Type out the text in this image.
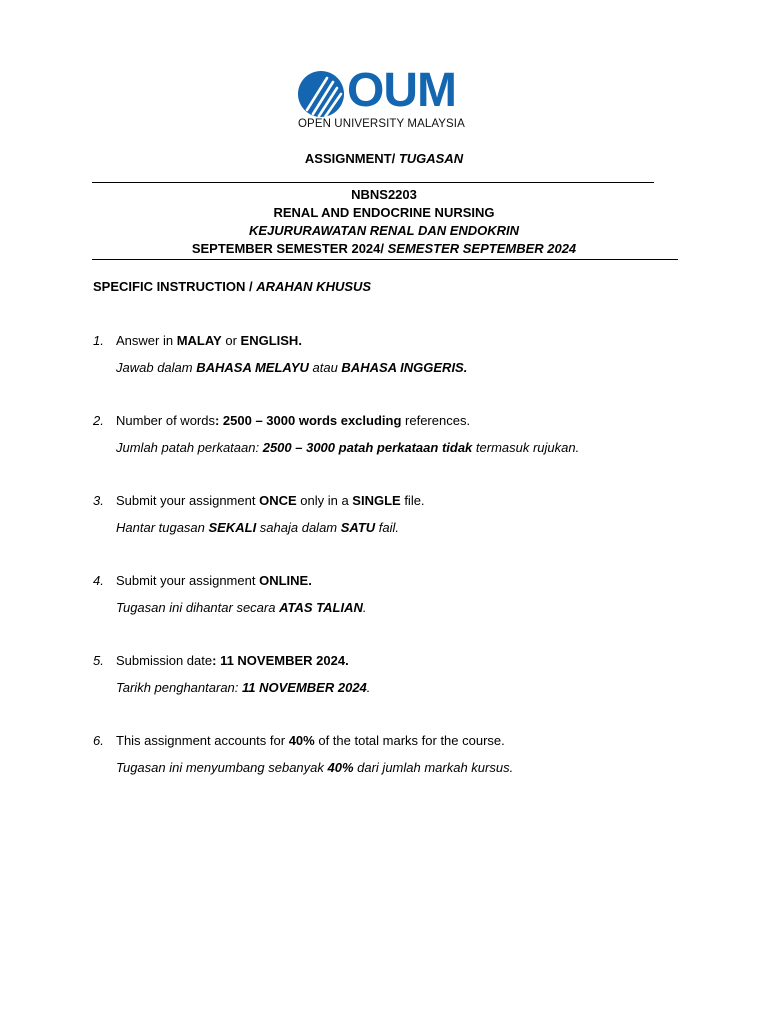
OUM
OPEN UNIVERSITY MALAYSIA
ASSIGNMENT/ TUGASAN
NBNS2203
RENAL AND ENDOCRINE NURSING
KEJURURAWATAN RENAL DAN ENDOKRIN
SEPTEMBER SEMESTER 2024/ SEMESTER SEPTEMBER 2024
SPECIFIC INSTRUCTION / ARAHAN KHUSUS
1. Answer in MALAY or ENGLISH.
Jawab dalam BAHASA MELAYU atau BAHASA INGGERIS.
2. Number of words: 2500 – 3000 words excluding references.
Jumlah patah perkataan: 2500 – 3000 patah perkataan tidak termasuk rujukan.
3. Submit your assignment ONCE only in a SINGLE file.
Hantar tugasan SEKALI sahaja dalam SATU fail.
4. Submit your assignment ONLINE.
Tugasan ini dihantar secara ATAS TALIAN.
5. Submission date: 11 NOVEMBER 2024.
Tarikh penghantaran: 11 NOVEMBER 2024.
6. This assignment accounts for 40% of the total marks for the course.
Tugasan ini menyumbang sebanyak 40% dari jumlah markah kursus.
